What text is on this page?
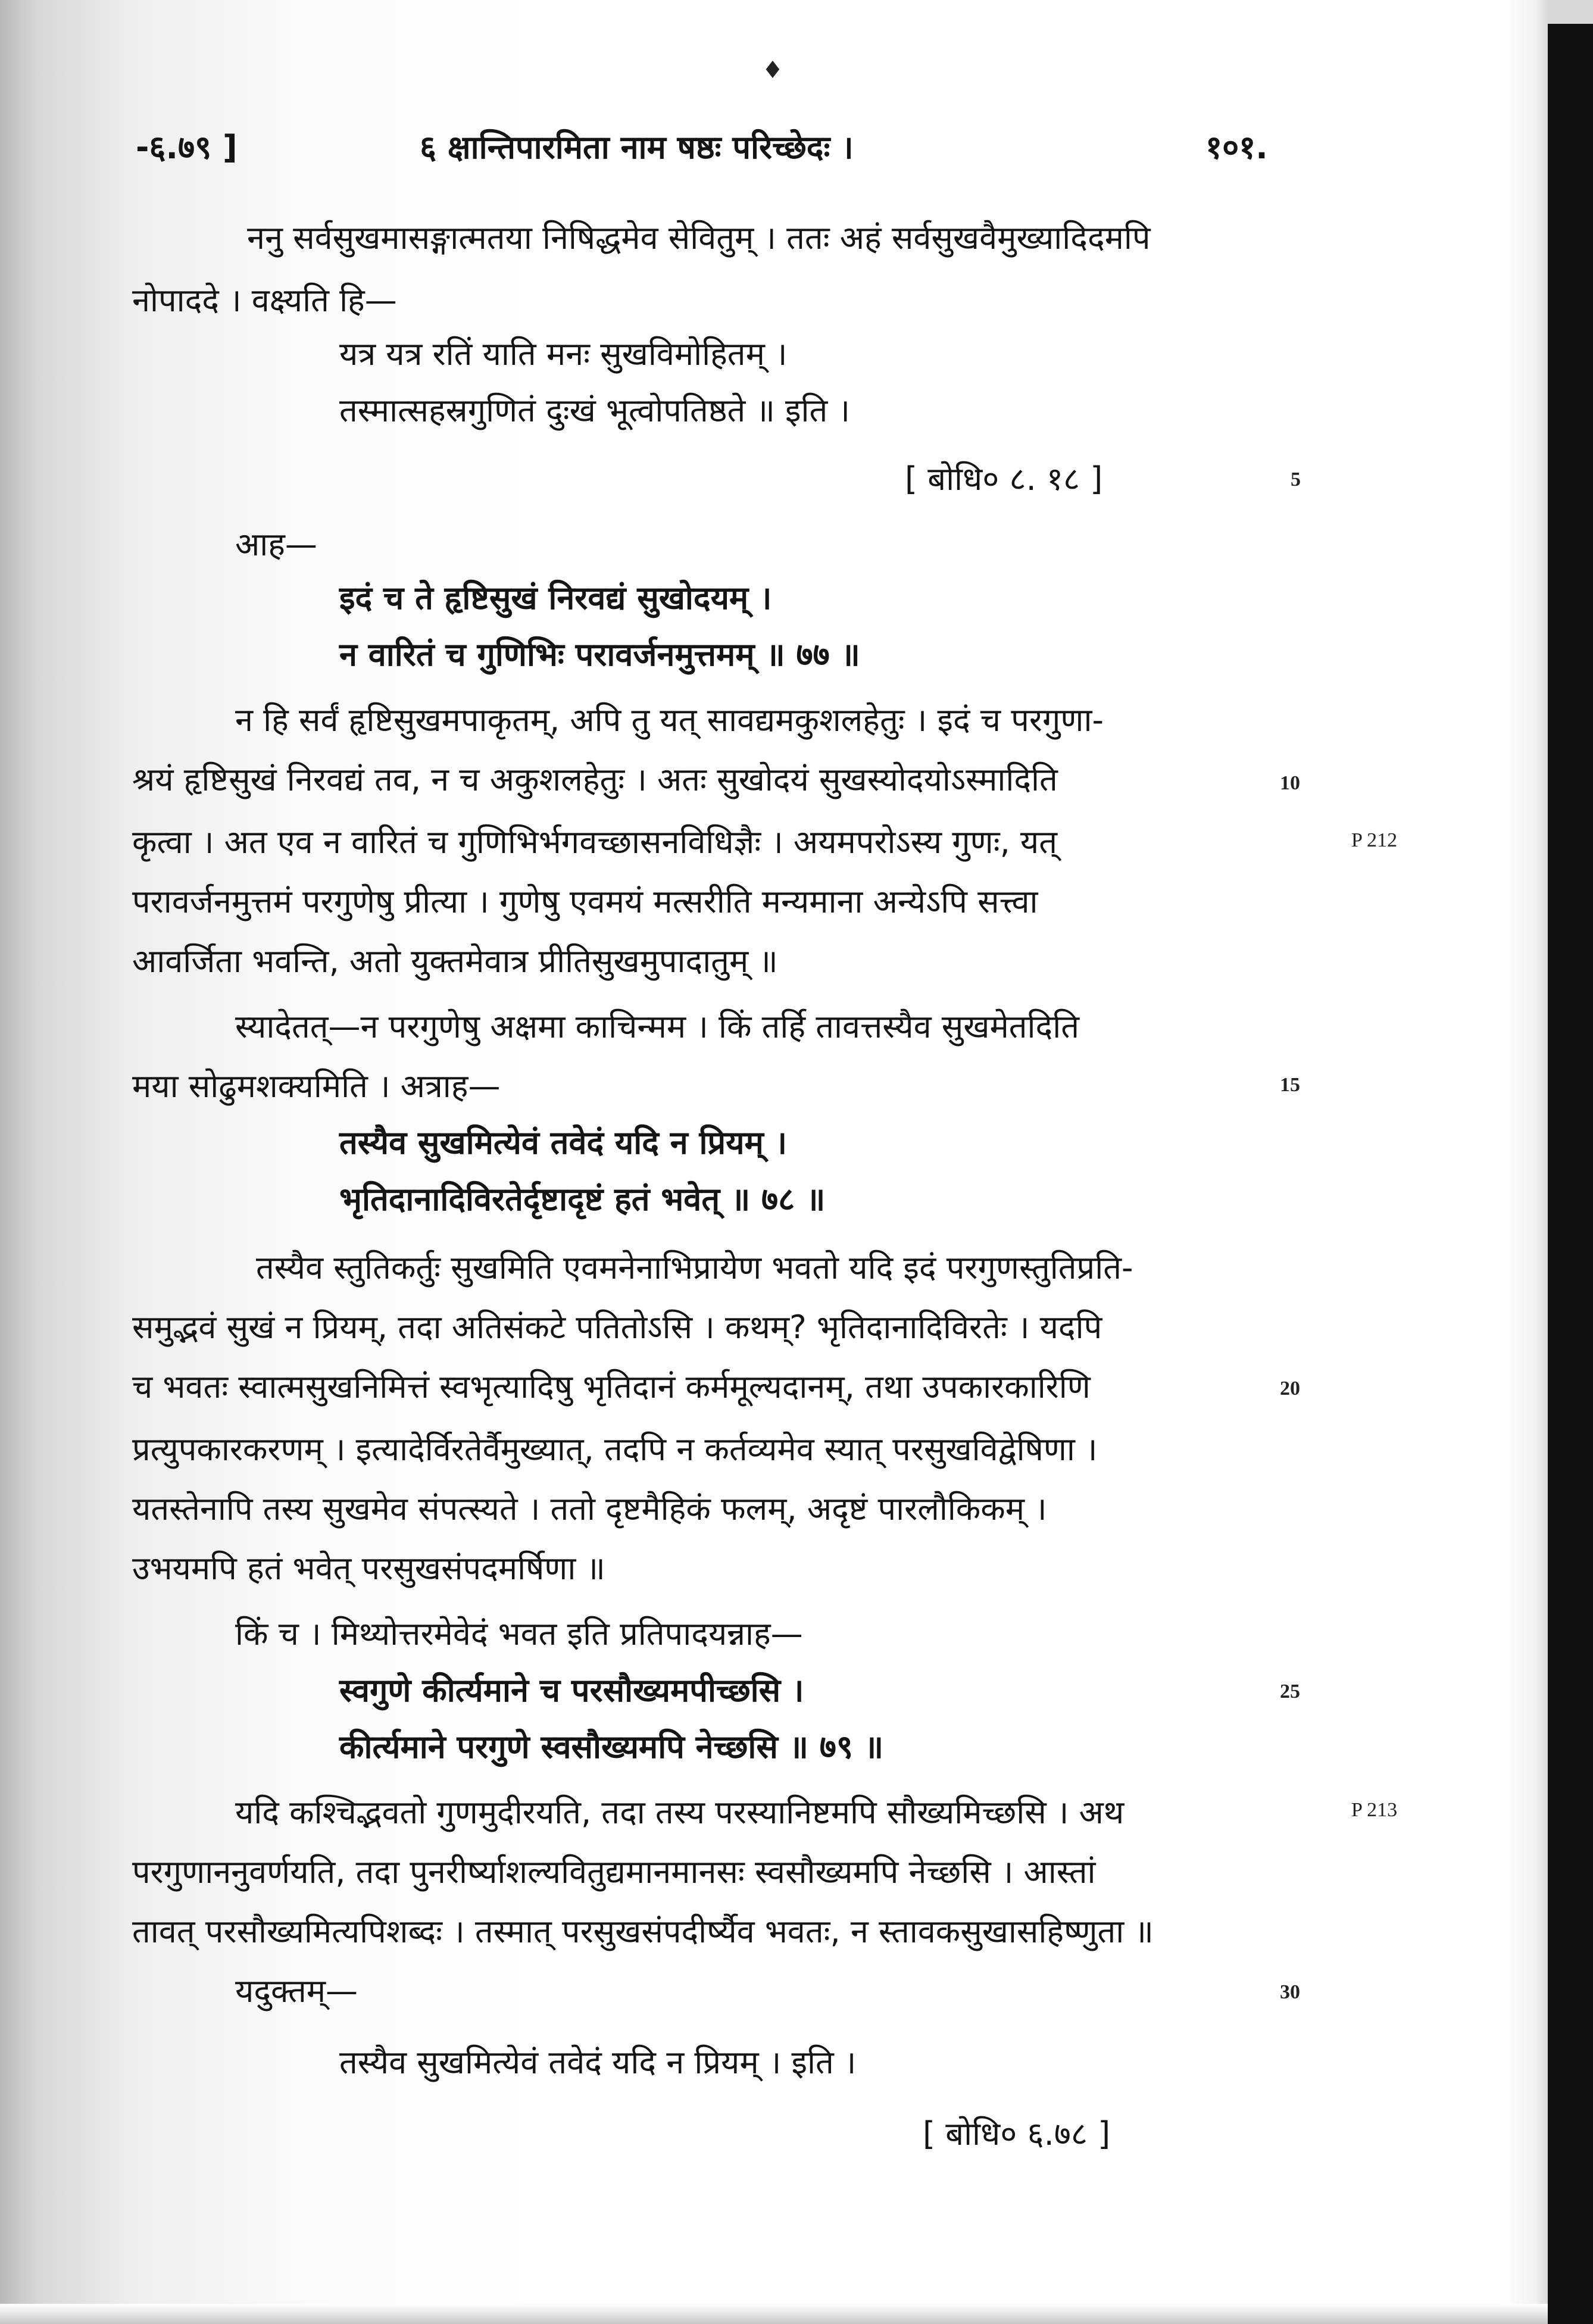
♦
-६.७९ ]	६ क्षान्तिपारमिता नाम षष्ठः परिच्छेदः ।	१०१.
ननु सर्वसुखमासङ्गात्मतया निषिद्धमेव सेवितुम् । ततः अहं सर्वसुखवैमुख्यादिदमपि
नोपाददे । वक्ष्यति हि—
यत्र यत्र रतिं याति मनः सुखविमोहितम् ।
तस्मात्सहस्रगुणितं दुःखं भूत्वोपतिष्ठते ॥ इति ।
[ बोधि० ८. १८ ]
आह—
इदं च ते हृष्टिसुखं निरवद्यं सुखोदयम् ।
न वारितं च गुणिभिः परावर्जनमुत्तमम् ॥ ७७ ॥
न हि सर्वं हृष्टिसुखमपाकृतम्, अपि तु यत् सावद्यमकुशलहेतुः । इदं च परगुणा-
श्रयं हृष्टिसुखं निरवद्यं तव, न च अकुशलहेतुः । अतः सुखोदयं सुखस्योदयोऽस्मादिति
कृत्वा । अत एव न वारितं च गुणिभिर्भगवच्छासनविधिज्ञैः । अयमपरोऽस्य गुणः, यत्
परावर्जनमुत्तमं परगुणेषु प्रीत्या । गुणेषु एवमयं मत्सरीति मन्यमाना अन्येऽपि सत्त्वा
आवर्जिता भवन्ति, अतो युक्तमेवात्र प्रीतिसुखमुपादातुम् ॥
स्यादेतत्—न परगुणेषु अक्षमा काचिन्मम । किं तर्हि तावत्तस्यैव सुखमेतदिति
मया सोढुमशक्यमिति । अत्राह—
तस्यैव सुखमित्येवं तवेदं यदि न प्रियम् ।
भृतिदानादिविरतेर्दृष्टादृष्टं हतं भवेत् ॥ ७८ ॥
तस्यैव स्तुतिकर्तुः सुखमिति एवमनेनाभिप्रायेण भवतो यदि इदं परगुणस्तुतिप्रति-
समुद्भवं सुखं न प्रियम्, तदा अतिसंकटे पतितोऽसि । कथम्? भृतिदानादिविरतेः । यदपि
च भवतः स्वात्मसुखनिमित्तं स्वभृत्यादिषु भृतिदानं कर्ममूल्यदानम्, तथा उपकारकारिणि
प्रत्युपकारकरणम् । इत्यादेर्विरतेर्वैमुख्यात्, तदपि न कर्तव्यमेव स्यात् परसुखविद्वेषिणा ।
यतस्तेनापि तस्य सुखमेव संपत्स्यते । ततो दृष्टमैहिकं फलम्, अदृष्टं पारलौकिकम् ।
उभयमपि हतं भवेत् परसुखसंपदमर्षिणा ॥
किं च । मिथ्योत्तरमेवेदं भवत इति प्रतिपादयन्नाह—
स्वगुणे कीर्त्यमाने च परसौख्यमपीच्छसि ।
कीर्त्यमाने परगुणे स्वसौख्यमपि नेच्छसि ॥ ७९ ॥
यदि कश्चिद्भवतो गुणमुदीरयति, तदा तस्य परस्यानिष्टमपि सौख्यमिच्छसि । अथ
परगुणाननुवर्णयति, तदा पुनरीर्ष्याशल्यवितुद्यमानमानसः स्वसौख्यमपि नेच्छसि । आस्तां
तावत् परसौख्यमित्यपिशब्दः । तस्मात् परसुखसंपदीर्ष्यैव भवतः, न स्तावकसुखासहिष्णुता ॥
यदुक्तम्—
तस्यैव सुखमित्येवं तवेदं यदि न प्रियम् । इति ।
[ बोधि० ६.७८ ]
5
10
15
20
25
30
P 212
P 213
